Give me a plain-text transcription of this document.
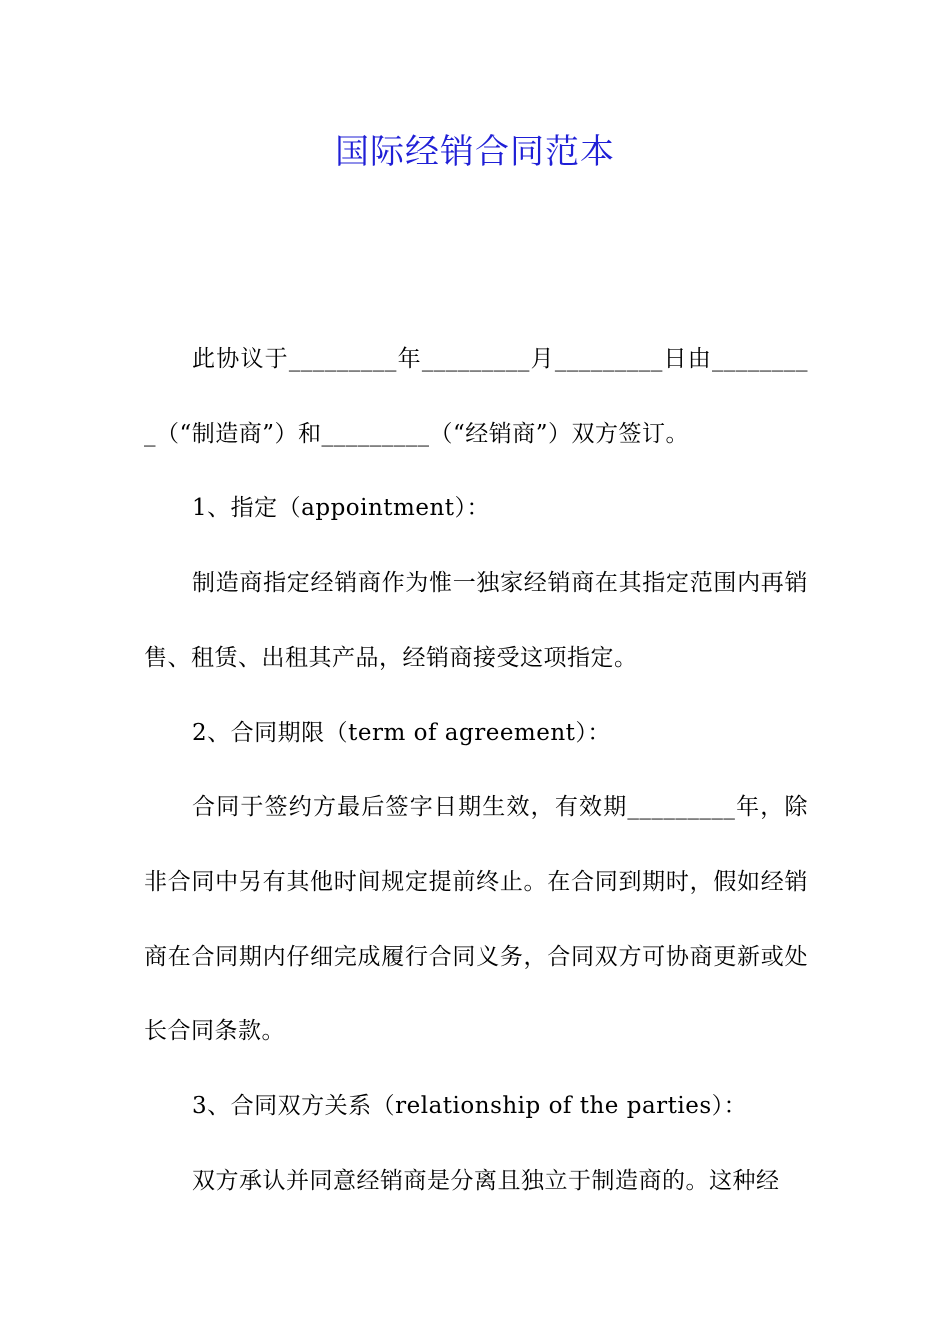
国际经销合同范本

此协议于_________年_________月_________日由_________（“制造商”）和_________（“经销商”）双方签订。

1、指定（appointment）：

制造商指定经销商作为惟一独家经销商在其指定范围内再销售、租赁、出租其产品，经销商接受这项指定。

2、合同期限（term of agreement）：

合同于签约方最后签字日期生效，有效期_________年，除非合同中另有其他时间规定提前终止。在合同到期时，假如经销商在合同期内仔细完成履行合同义务，合同双方可协商更新或处长合同条款。

3、合同双方关系（relationship of the parties）：

双方承认并同意经销商是分离且独立于制造商的。这种经
